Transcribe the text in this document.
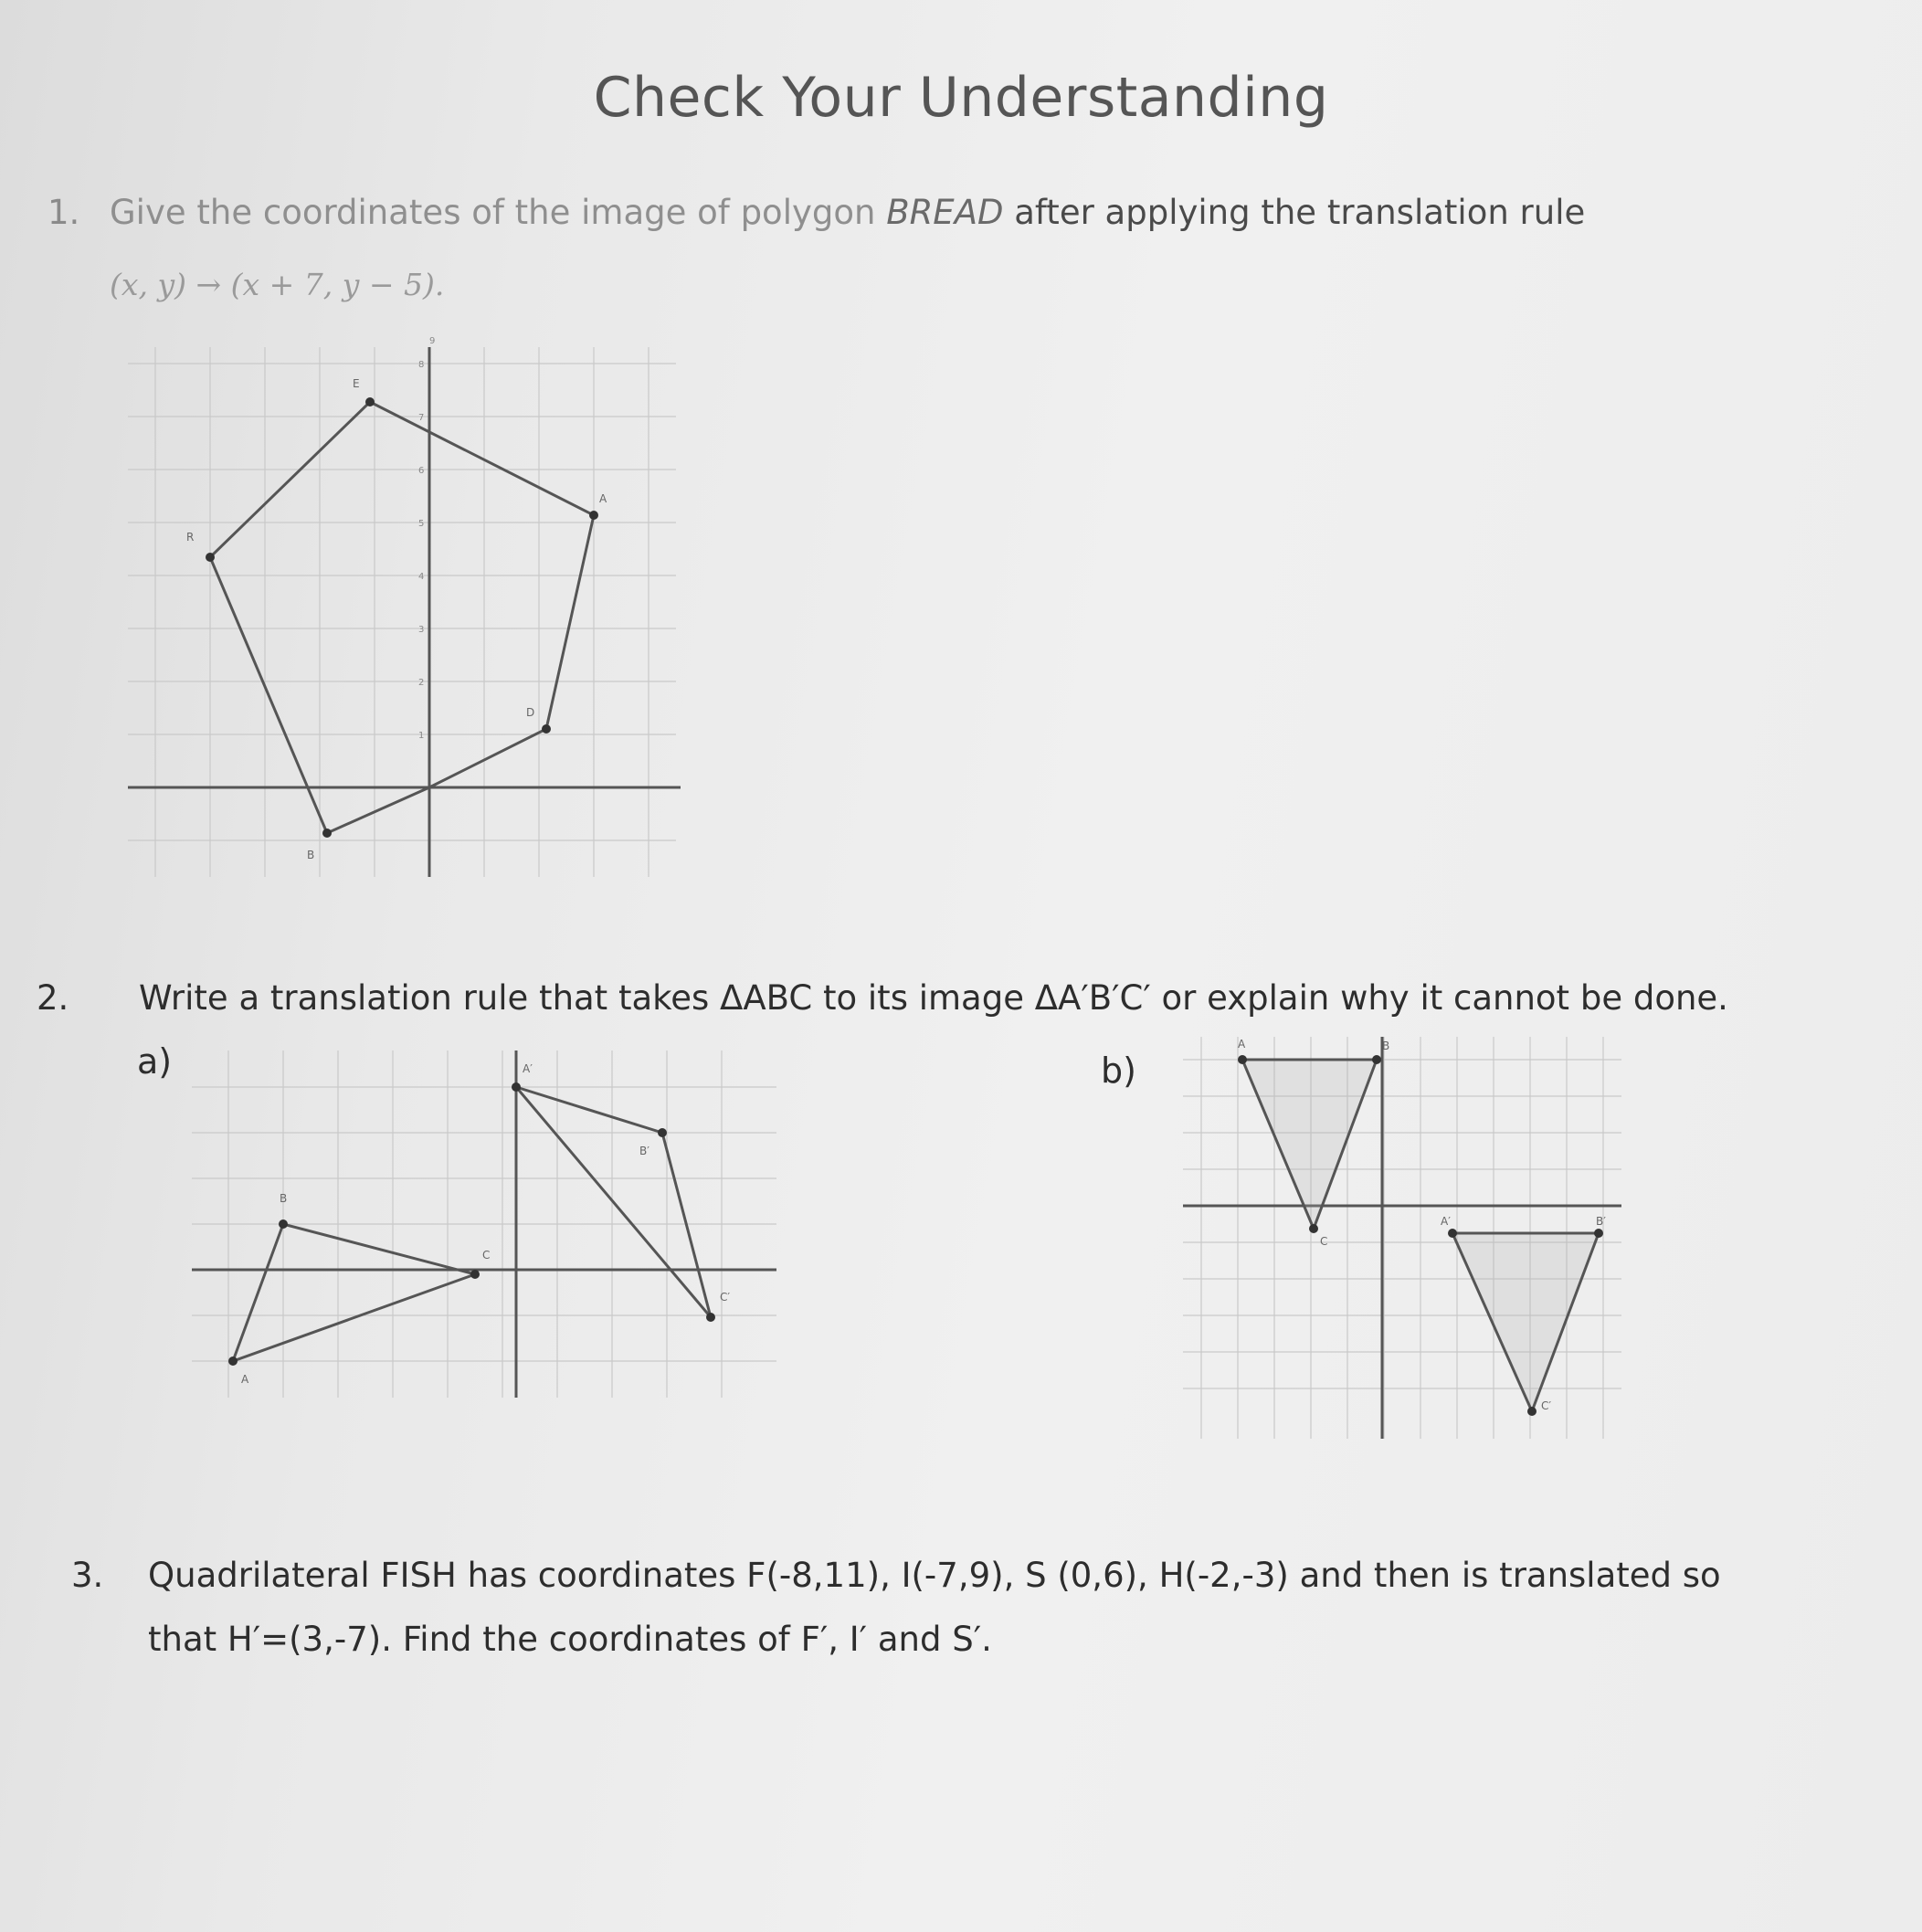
Check Your Understanding
1. Give the coordinates of the image of polygon BREAD after applying the translation rule
(x, y) → (x + 7, y − 5).
1
2
3
4
5
6
7
8
9
B
R
E
A
D
2. Write a translation rule that takes ΔABC to its image ΔA′B′C′ or explain why it cannot be done.
a)	b)
A
B
C
A′
B′
C′
A	B
C
A′	B′
C′
3. Quadrilateral FISH has coordinates F(-8,11), I(-7,9), S (0,6), H(-2,-3) and then is translated so
that H′=(3,-7). Find the coordinates of F′, I′ and S′.
